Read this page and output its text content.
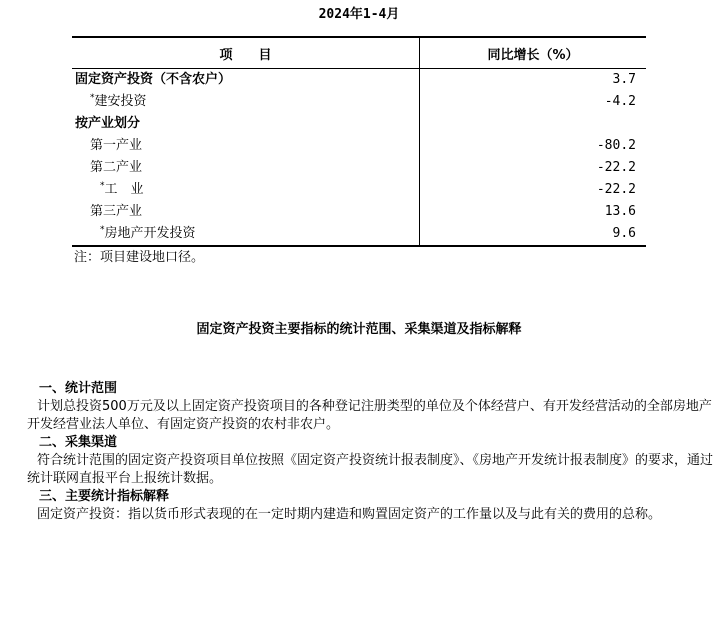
2024年1-4月
项　　目	同比增长（%）
固定资产投资（不含农户）	3.7
*建安投资	-4.2
按产业划分	
第一产业	-80.2
第二产业	-22.2
*工　业	-22.2
第三产业	13.6
*房地产开发投资	9.6
注：项目建设地口径。
固定资产投资主要指标的统计范围、采集渠道及指标解释
一、统计范围

计划总投资500万元及以上固定资产投资项目的各种登记注册类型的单位及个体经营户、有开发经营活动的全部房地产开发经营业法人单位、有固定资产投资的农村非农户。

二、采集渠道

符合统计范围的固定资产投资项目单位按照《固定资产投资统计报表制度》、《房地产开发统计报表制度》的要求，通过统计联网直报平台上报统计数据。

三、主要统计指标解释

固定资产投资：指以货币形式表现的在一定时期内建造和购置固定资产的工作量以及与此有关的费用的总称。
